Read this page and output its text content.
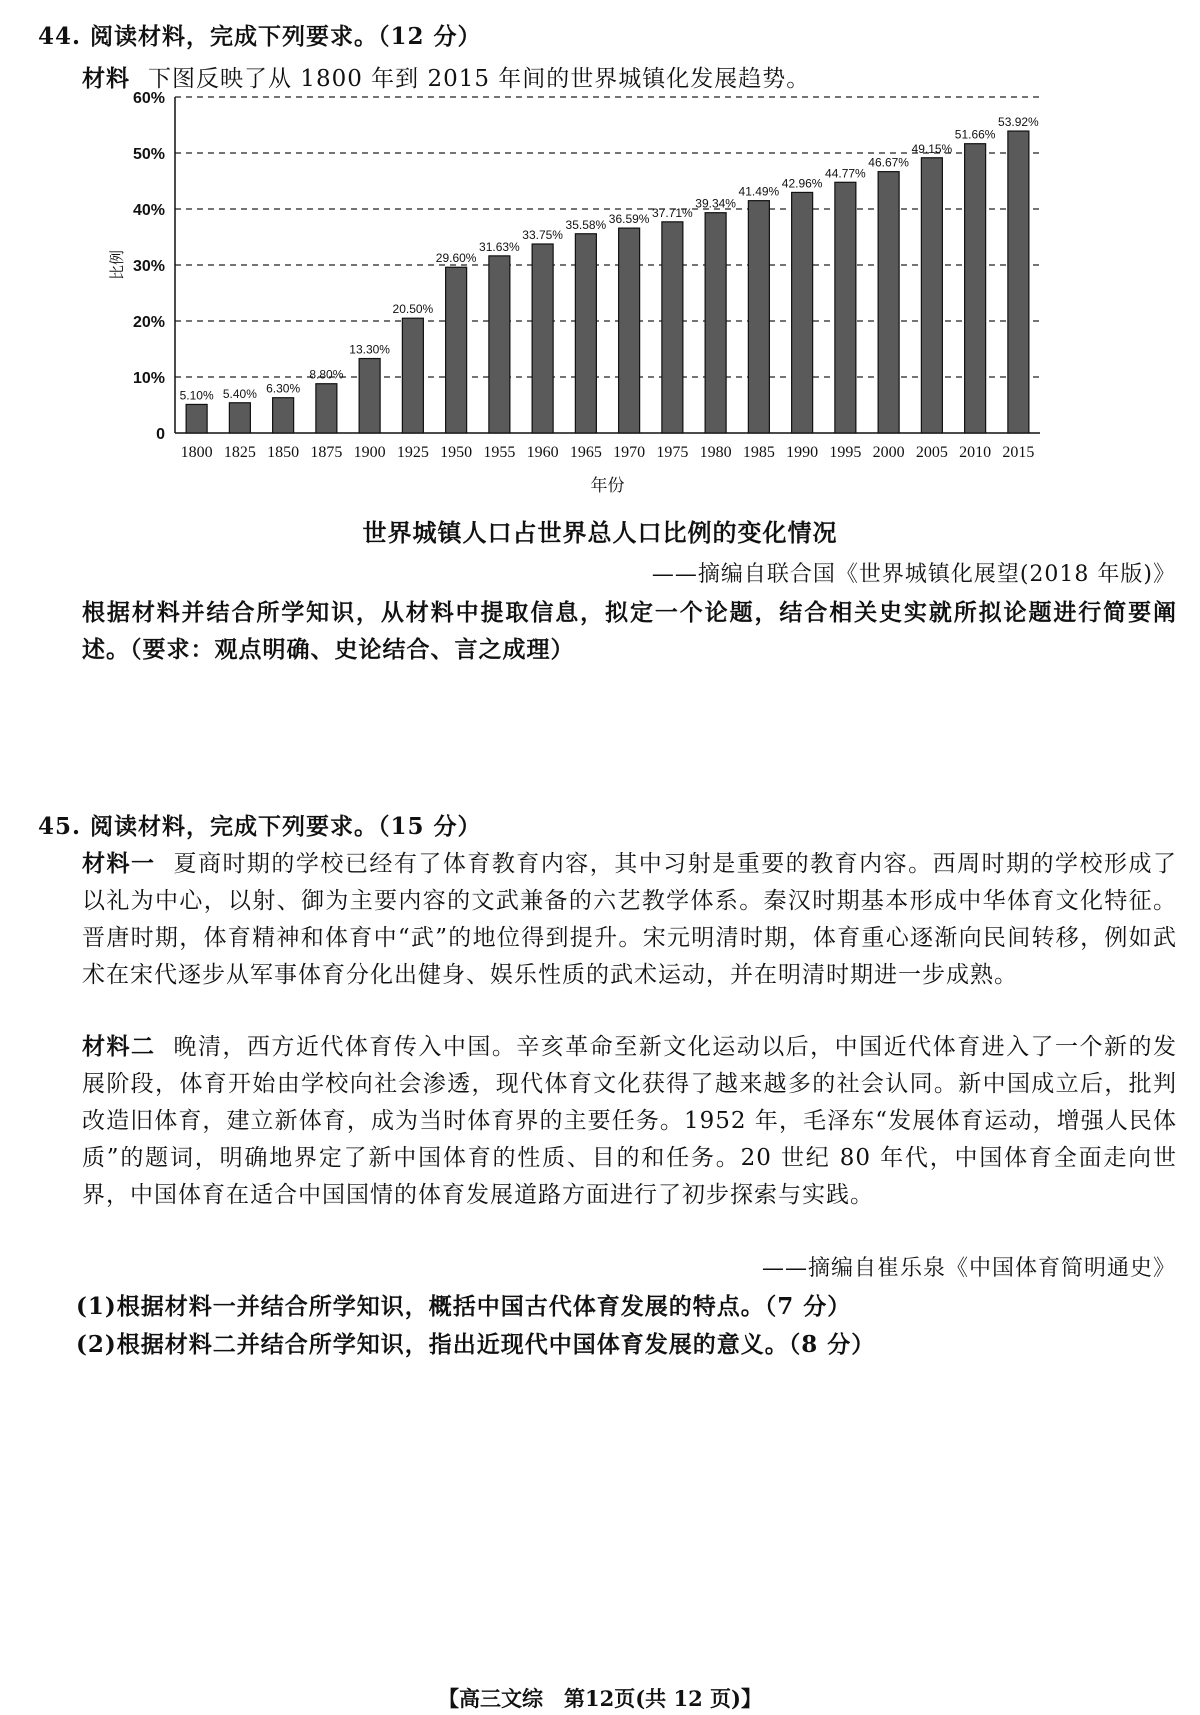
44. 阅读材料，完成下列要求。（12 分）
材料 下图反映了从 1800 年到 2015 年间的世界城镇化发展趋势。
0
10%
20%
30%
40%
50%
60%
比例
5.10%
1800
5.40%
1825
6.30%
1850
8.80%
1875
13.30%
1900
20.50%
1925
29.60%
1950
31.63%
1955
33.75%
1960
35.58%
1965
36.59%
1970
37.71%
1975
39.34%
1980
41.49%
1985
42.96%
1990
44.77%
1995
46.67%
2000
49.15%
2005
51.66%
2010
53.92%
2015
年份
世界城镇人口占世界总人口比例的变化情况
——摘编自联合国《世界城镇化展望(2018 年版)》
根据材料并结合所学知识，从材料中提取信息，拟定一个论题，结合相关史实就所拟论题进行简要阐述。（要求：观点明确、史论结合、言之成理）
45. 阅读材料，完成下列要求。（15 分）
材料一 夏商时期的学校已经有了体育教育内容，其中习射是重要的教育内容。西周时期的学校形成了以礼为中心，以射、御为主要内容的文武兼备的六艺教学体系。秦汉时期基本形成中华体育文化特征。晋唐时期，体育精神和体育中“武”的地位得到提升。宋元明清时期，体育重心逐渐向民间转移，例如武术在宋代逐步从军事体育分化出健身、娱乐性质的武术运动，并在明清时期进一步成熟。
材料二 晚清，西方近代体育传入中国。辛亥革命至新文化运动以后，中国近代体育进入了一个新的发展阶段，体育开始由学校向社会渗透，现代体育文化获得了越来越多的社会认同。新中国成立后，批判改造旧体育，建立新体育，成为当时体育界的主要任务。1952 年，毛泽东“发展体育运动，增强人民体质”的题词，明确地界定了新中国体育的性质、目的和任务。20 世纪 80 年代，中国体育全面走向世界，中国体育在适合中国国情的体育发展道路方面进行了初步探索与实践。
——摘编自崔乐泉《中国体育简明通史》
(1)根据材料一并结合所学知识，概括中国古代体育发展的特点。（7 分）
(2)根据材料二并结合所学知识，指出近现代中国体育发展的意义。（8 分）
【高三文综　第12页(共 12 页)】
